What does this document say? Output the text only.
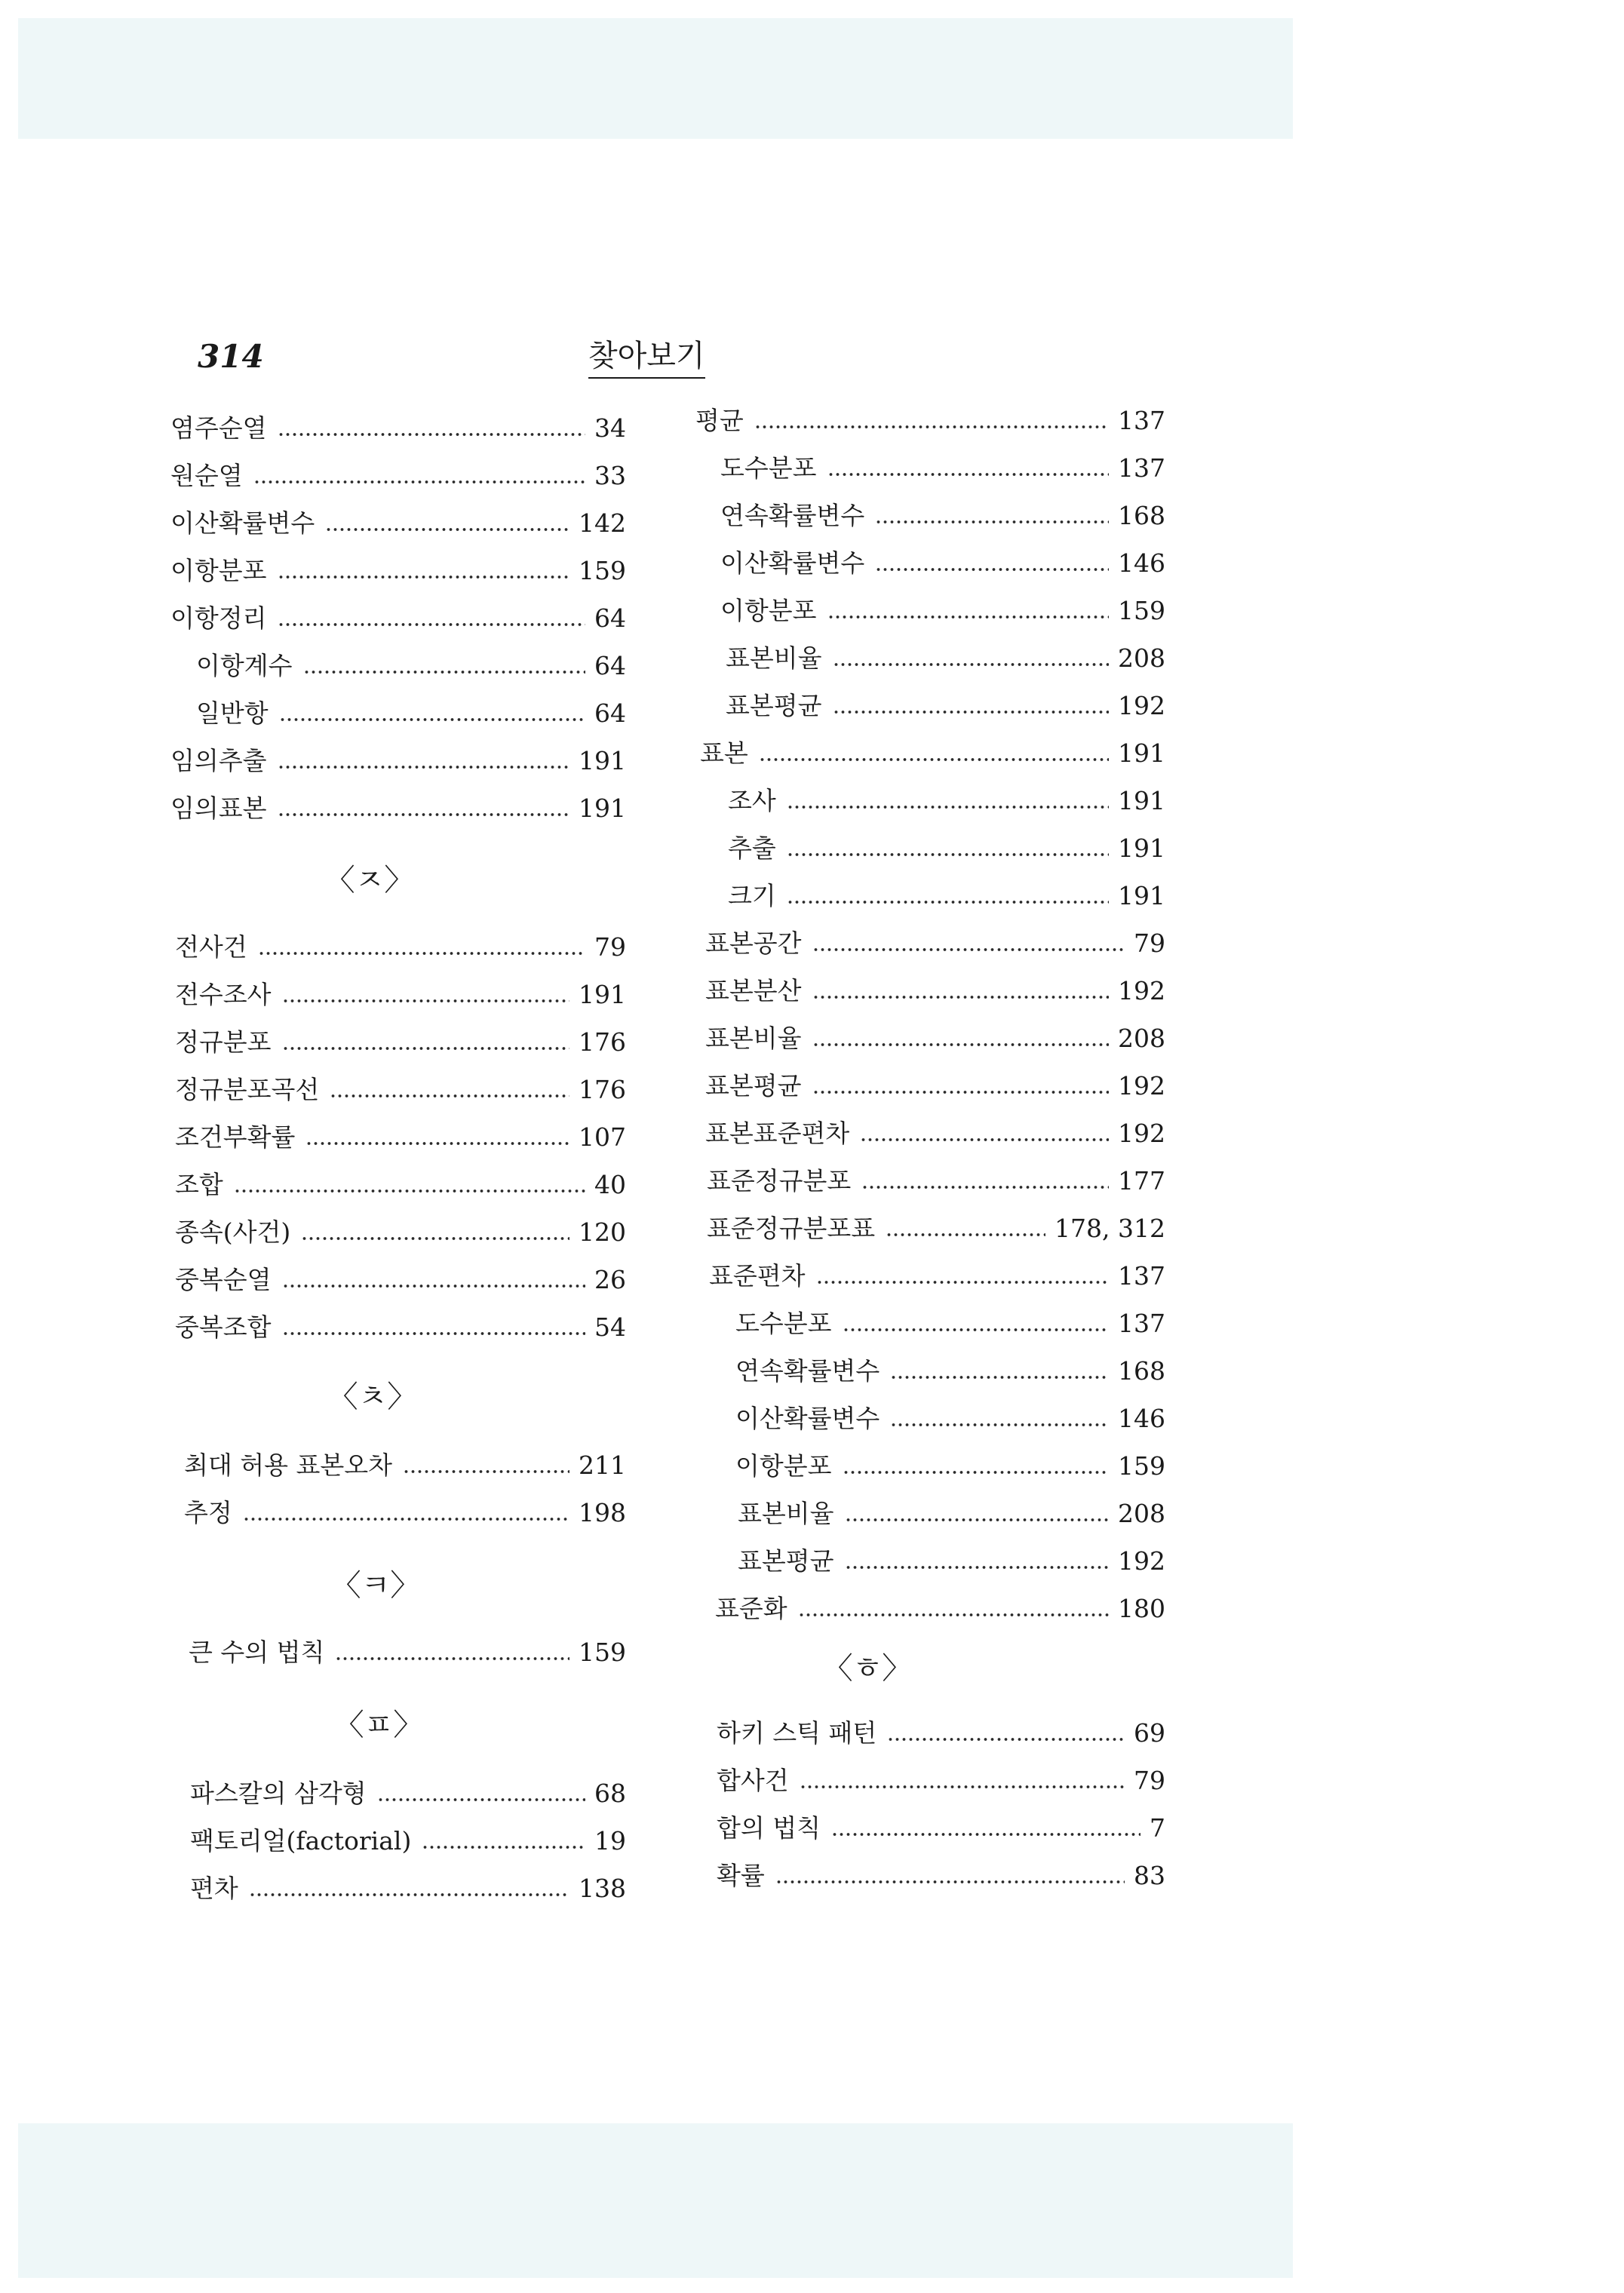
314	찾아보기
염주순열	34
원순열	33
이산확률변수	142
이항분포	159
이항정리	64
이항계수	64
일반항	64
임의추출	191
임의표본	191
〈ㅈ〉
전사건	79
전수조사	191
정규분포	176
정규분포곡선	176
조건부확률	107
조합	40
종속(사건)	120
중복순열	26
중복조합	54
〈ㅊ〉
최대 허용 표본오차	211
추정	198
〈ㅋ〉
큰 수의 법칙	159
〈ㅍ〉
파스칼의 삼각형	68
팩토리얼(factorial)	19
편차	138
평균	137
도수분포	137
연속확률변수	168
이산확률변수	146
이항분포	159
표본비율	208
표본평균	192
표본	191
조사	191
추출	191
크기	191
표본공간	79
표본분산	192
표본비율	208
표본평균	192
표본표준편차	192
표준정규분포	177
표준정규분포표	178, 312
표준편차	137
도수분포	137
연속확률변수	168
이산확률변수	146
이항분포	159
표본비율	208
표본평균	192
표준화	180
〈ㅎ〉
하키 스틱 패턴	69
합사건	79
합의 법칙	7
확률	83
